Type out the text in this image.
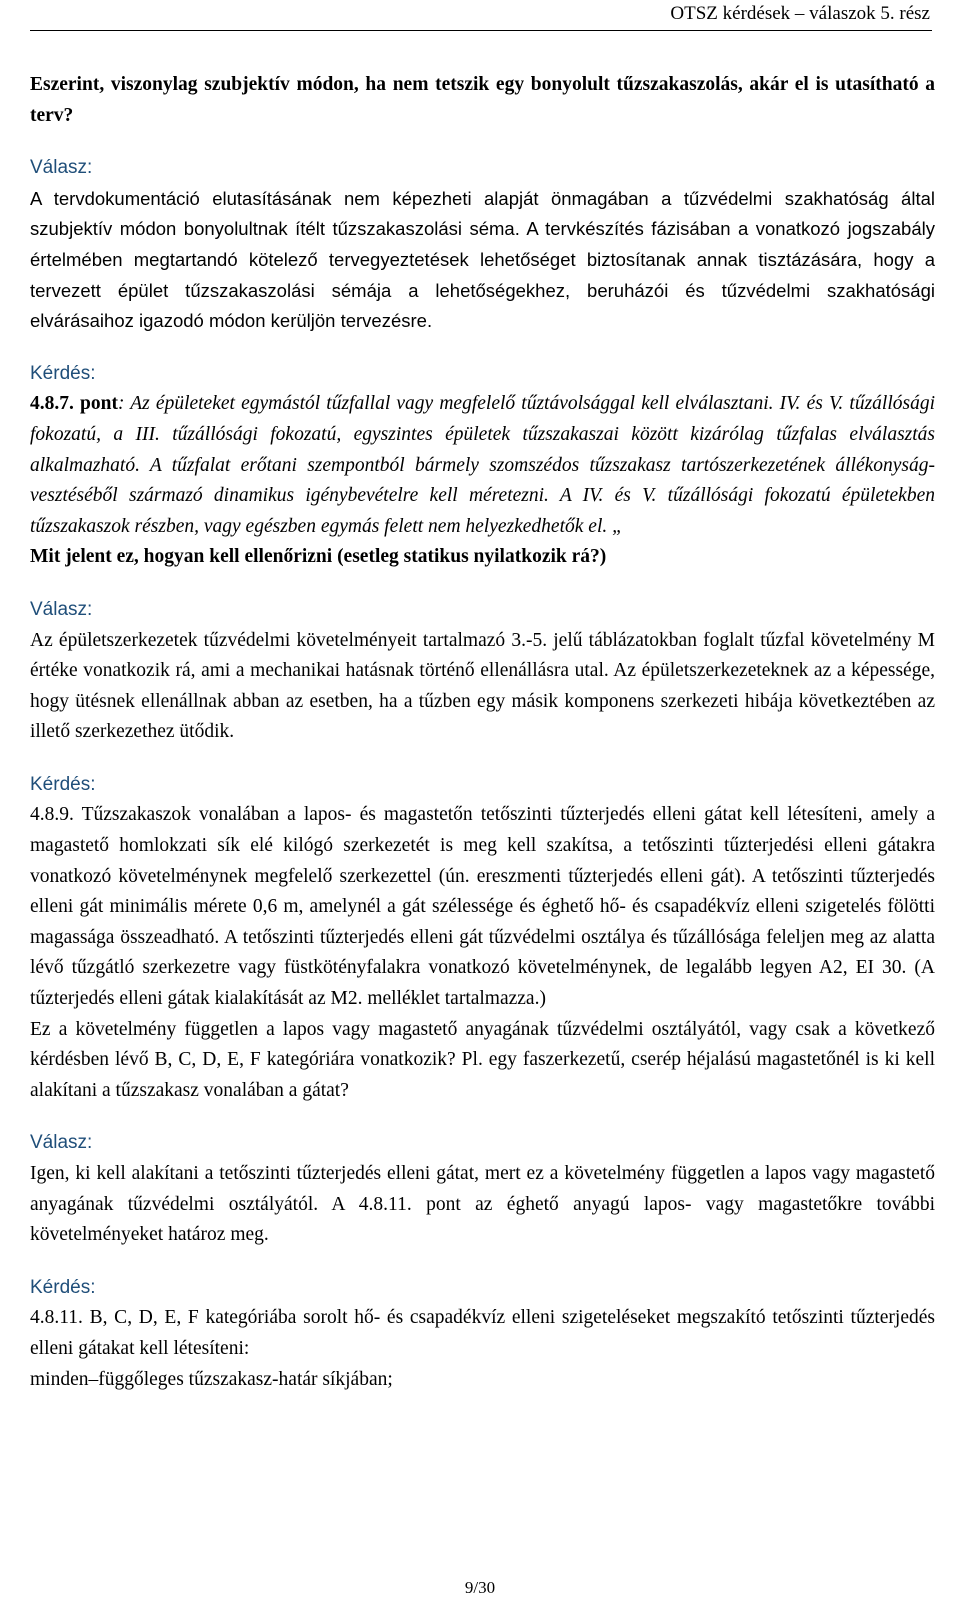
OTSZ kérdések – válaszok 5. rész

Eszerint, viszonylag szubjektív módon, ha nem tetszik egy bonyolult tűzszakaszolás, akár el is utasítható a terv?

Válasz:

A tervdokumentáció elutasításának nem képezheti alapját önmagában a tűzvédelmi szakhatóság által szubjektív módon bonyolultnak ítélt tűzszakaszolási séma. A tervkészítés fázisában a vonatkozó jogszabály értelmében megtartandó kötelező tervegyeztetések lehetőséget biztosítanak annak tisztázására, hogy a tervezett épület tűzszakaszolási sémája a lehetőségekhez, beruházói és tűzvédelmi szakhatósági elvárásaihoz igazodó módon kerüljön tervezésre.

Kérdés:

4.8.7. pont: Az épületeket egymástól tűzfallal vagy megfelelő tűztávolsággal kell elválasztani. IV. és V. tűzállósági fokozatú, a III. tűzállósági fokozatú, egyszintes épületek tűzszakaszai között kizárólag tűzfalas elválasztás alkalmazható. A tűzfalat erőtani szempontból bármely szomszédos tűzszakasz tartószerkezetének állékonyság-vesztéséből származó dinamikus igénybevételre kell méretezni. A IV. és V. tűzállósági fokozatú épületekben tűzszakaszok részben, vagy egészben egymás felett nem helyezkedhetők el. „

Mit jelent ez, hogyan kell ellenőrizni (esetleg statikus nyilatkozik rá?)

Válasz:

Az épületszerkezetek tűzvédelmi követelményeit tartalmazó 3.-5. jelű táblázatokban foglalt tűzfal követelmény M értéke vonatkozik rá, ami a mechanikai hatásnak történő ellenállásra utal. Az épületszerkezeteknek az a képessége, hogy ütésnek ellenállnak abban az esetben, ha a tűzben egy másik komponens szerkezeti hibája következtében az illető szerkezethez ütődik.

Kérdés:

4.8.9. Tűzszakaszok vonalában a lapos- és magastetőn tetőszinti tűzterjedés elleni gátat kell létesíteni, amely a magastető homlokzati sík elé kilógó szerkezetét is meg kell szakítsa, a tetőszinti tűzterjedési elleni gátakra vonatkozó követelménynek megfelelő szerkezettel (ún. ereszmenti tűzterjedés elleni gát). A tetőszinti tűzterjedés elleni gát minimális mérete 0,6 m, amelynél a gát szélessége és éghető hő- és csapadékvíz elleni szigetelés fölötti magassága összeadható. A tetőszinti tűzterjedés elleni gát tűzvédelmi osztálya és tűzállósága feleljen meg az alatta lévő tűzgátló szerkezetre vagy füstkötényfalakra vonatkozó követelménynek, de legalább legyen A2, EI 30. (A tűzterjedés elleni gátak kialakítását az M2. melléklet tartalmazza.)

Ez a követelmény független a lapos vagy magastető anyagának tűzvédelmi osztályától, vagy csak a következő kérdésben lévő B, C, D, E, F kategóriára vonatkozik? Pl. egy faszerkezetű, cserép héjalású magastetőnél is ki kell alakítani a tűzszakasz vonalában a gátat?

Válasz:

Igen, ki kell alakítani a tetőszinti tűzterjedés elleni gátat, mert ez a követelmény független a lapos vagy magastető anyagának tűzvédelmi osztályától. A 4.8.11. pont az éghető anyagú lapos- vagy magastetőkre további követelményeket határoz meg.

Kérdés:

4.8.11. B, C, D, E, F kategóriába sorolt hő- és csapadékvíz elleni szigeteléseket megszakító tetőszinti tűzterjedés elleni gátakat kell létesíteni:

minden–függőleges tűzszakasz-határ síkjában;

9/30
